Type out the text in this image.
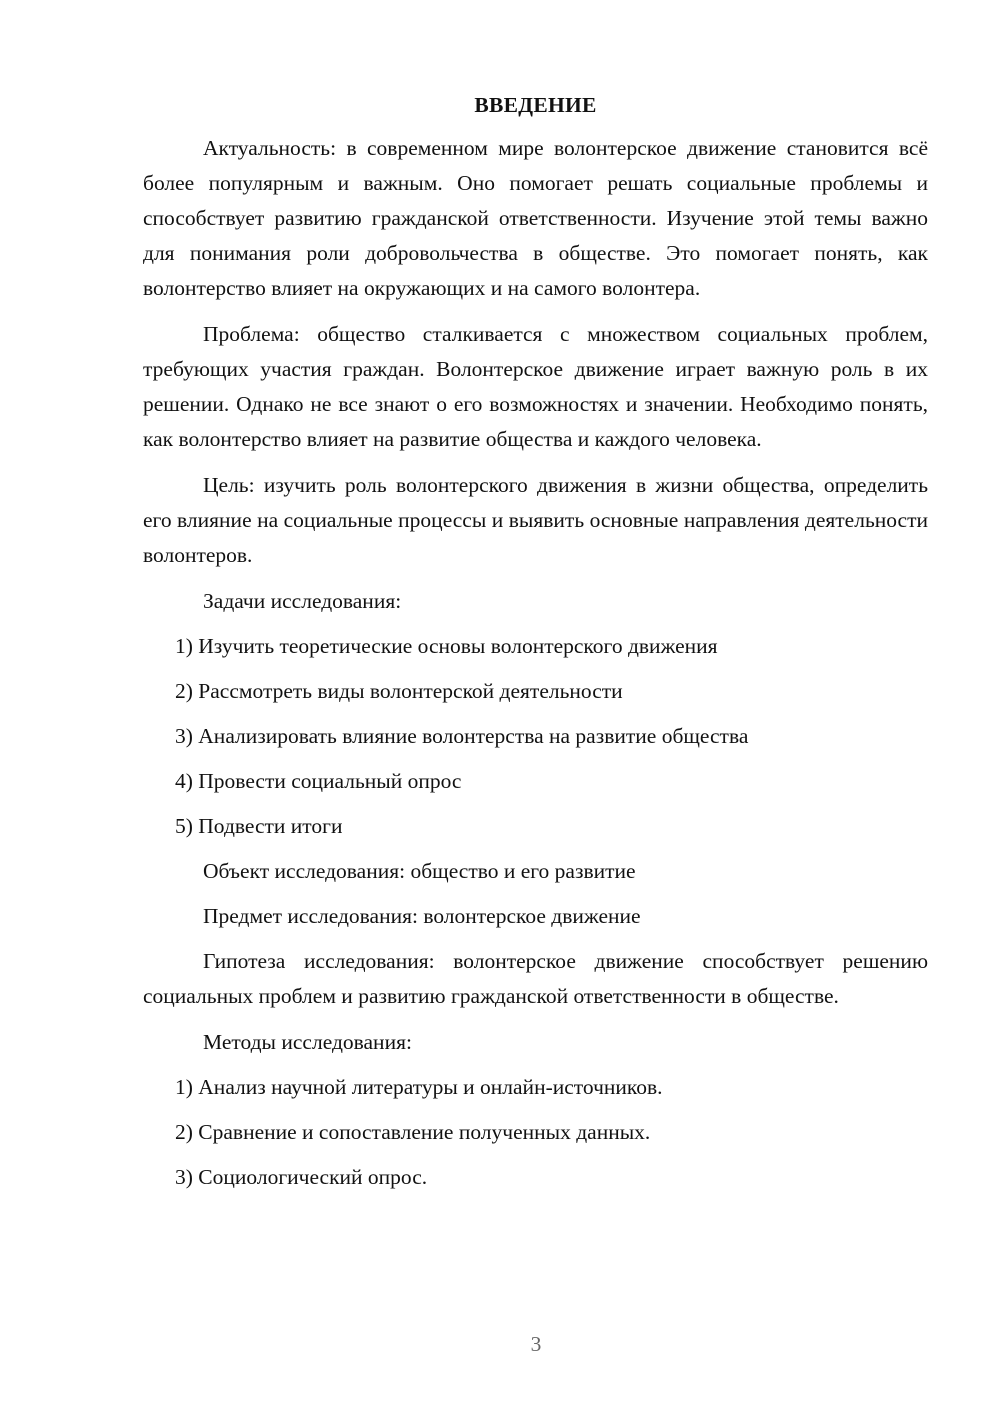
ВВЕДЕНИЕ

Актуальность: в современном мире волонтерское движение становится всё более популярным и важным. Оно помогает решать социальные проблемы и способствует развитию гражданской ответственности. Изучение этой темы важно для понимания роли добровольчества в обществе. Это помогает понять, как волонтерство влияет на окружающих и на самого волонтера.

Проблема: общество сталкивается с множеством социальных проблем, требующих участия граждан. Волонтерское движение играет важную роль в их решении. Однако не все знают о его возможностях и значении. Необходимо понять, как волонтерство влияет на развитие общества и каждого человека.

Цель: изучить роль волонтерского движения в жизни общества, определить его влияние на социальные процессы и выявить основные направления деятельности волонтеров.

Задачи исследования:
1) Изучить теоретические основы волонтерского движения
2) Рассмотреть виды волонтерской деятельности
3) Анализировать влияние волонтерства на развитие общества
4) Провести социальный опрос
5) Подвести итоги
Объект исследования: общество и его развитие
Предмет исследования: волонтерское движение

Гипотеза исследования: волонтерское движение способствует решению социальных проблем и развитию гражданской ответственности в обществе.

Методы исследования:
1) Анализ научной литературы и онлайн-источников.
2) Сравнение и сопоставление полученных данных.
3) Социологический опрос.
3
